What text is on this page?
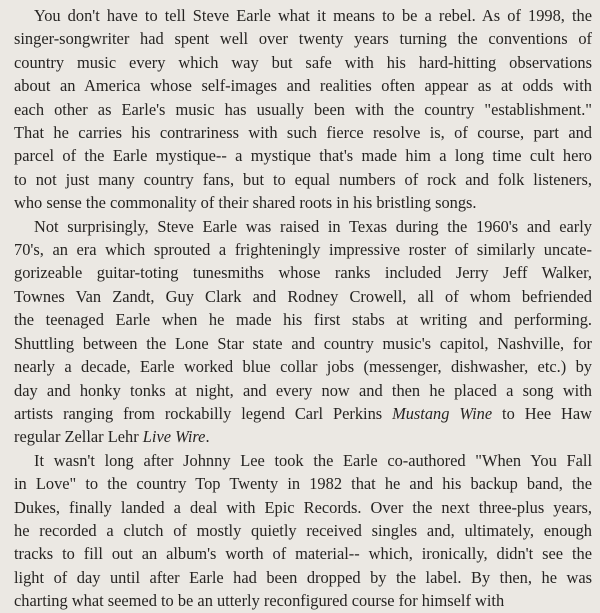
You don't have to tell Steve Earle what it means to be a rebel. As of 1998, the
singer-songwriter had spent well over twenty years turning the conventions of
country music every which way but safe with his hard-hitting observations
about an America whose self-images and realities often appear as at odds with
each other as Earle's music has usually been with the country "establishment."
That he carries his contrariness with such fierce resolve is, of course, part and
parcel of the Earle mystique-- a mystique that's made him a long time cult hero
to not just many country fans, but to equal numbers of rock and folk listeners,
who sense the commonality of their shared roots in his bristling songs.

Not surprisingly, Steve Earle was raised in Texas during the 1960's and early
70's, an era which sprouted a frighteningly impressive roster of similarly uncate-
gorizeable guitar-toting tunesmiths whose ranks included Jerry Jeff Walker,
Townes Van Zandt, Guy Clark and Rodney Crowell, all of whom befriended
the teenaged Earle when he made his first stabs at writing and performing.
Shuttling between the Lone Star state and country music's capitol, Nashville, for
nearly a decade, Earle worked blue collar jobs (messenger, dishwasher, etc.) by
day and honky tonks at night, and every now and then he placed a song with
artists ranging from rockabilly legend Carl Perkins Mustang Wine to Hee Haw
regular Zellar Lehr Live Wire.

It wasn't long after Johnny Lee took the Earle co-authored "When You Fall
in Love" to the country Top Twenty in 1982 that he and his backup band, the
Dukes, finally landed a deal with Epic Records. Over the next three-plus years,
he recorded a clutch of mostly quietly received singles and, ultimately, enough
tracks to fill out an album's worth of material-- which, ironically, didn't see the
light of day until after Earle had been dropped by the label. By then, he was
charting what seemed to be an utterly reconfigured course for himself with
